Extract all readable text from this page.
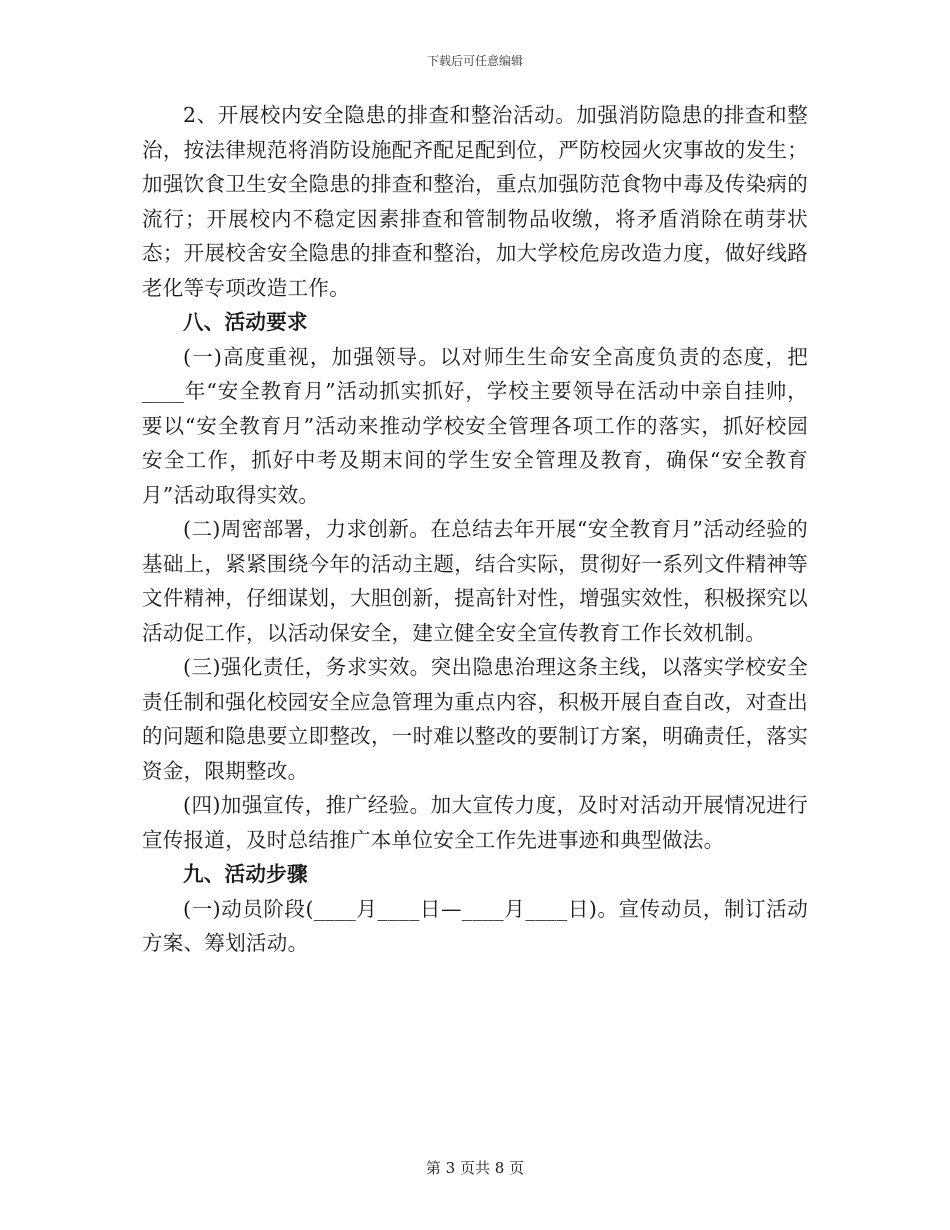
下载后可任意编辑

2、开展校内安全隐患的排查和整治活动。加强消防隐患的排查和整治，按法律规范将消防设施配齐配足配到位，严防校园火灾事故的发生；加强饮食卫生安全隐患的排查和整治，重点加强防范食物中毒及传染病的流行；开展校内不稳定因素排查和管制物品收缴，将矛盾消除在萌芽状态；开展校舍安全隐患的排查和整治，加大学校危房改造力度，做好线路老化等专项改造工作。

八、活动要求

(一)高度重视，加强领导。以对师生生命安全高度负责的态度，把____年“安全教育月”活动抓实抓好，学校主要领导在活动中亲自挂帅，要以“安全教育月”活动来推动学校安全管理各项工作的落实，抓好校园安全工作，抓好中考及期末间的学生安全管理及教育，确保“安全教育月”活动取得实效。

(二)周密部署，力求创新。在总结去年开展“安全教育月”活动经验的基础上，紧紧围绕今年的活动主题，结合实际，贯彻好一系列文件精神等文件精神，仔细谋划，大胆创新，提高针对性，增强实效性，积极探究以活动促工作，以活动保安全，建立健全安全宣传教育工作长效机制。

(三)强化责任，务求实效。突出隐患治理这条主线，以落实学校安全责任制和强化校园安全应急管理为重点内容，积极开展自查自改，对查出的问题和隐患要立即整改，一时难以整改的要制订方案，明确责任，落实资金，限期整改。

(四)加强宣传，推广经验。加大宣传力度，及时对活动开展情况进行宣传报道，及时总结推广本单位安全工作先进事迹和典型做法。

九、活动步骤

(一)动员阶段(____月____日—____月____日)。宣传动员，制订活动方案、筹划活动。

第 3 页共 8 页
